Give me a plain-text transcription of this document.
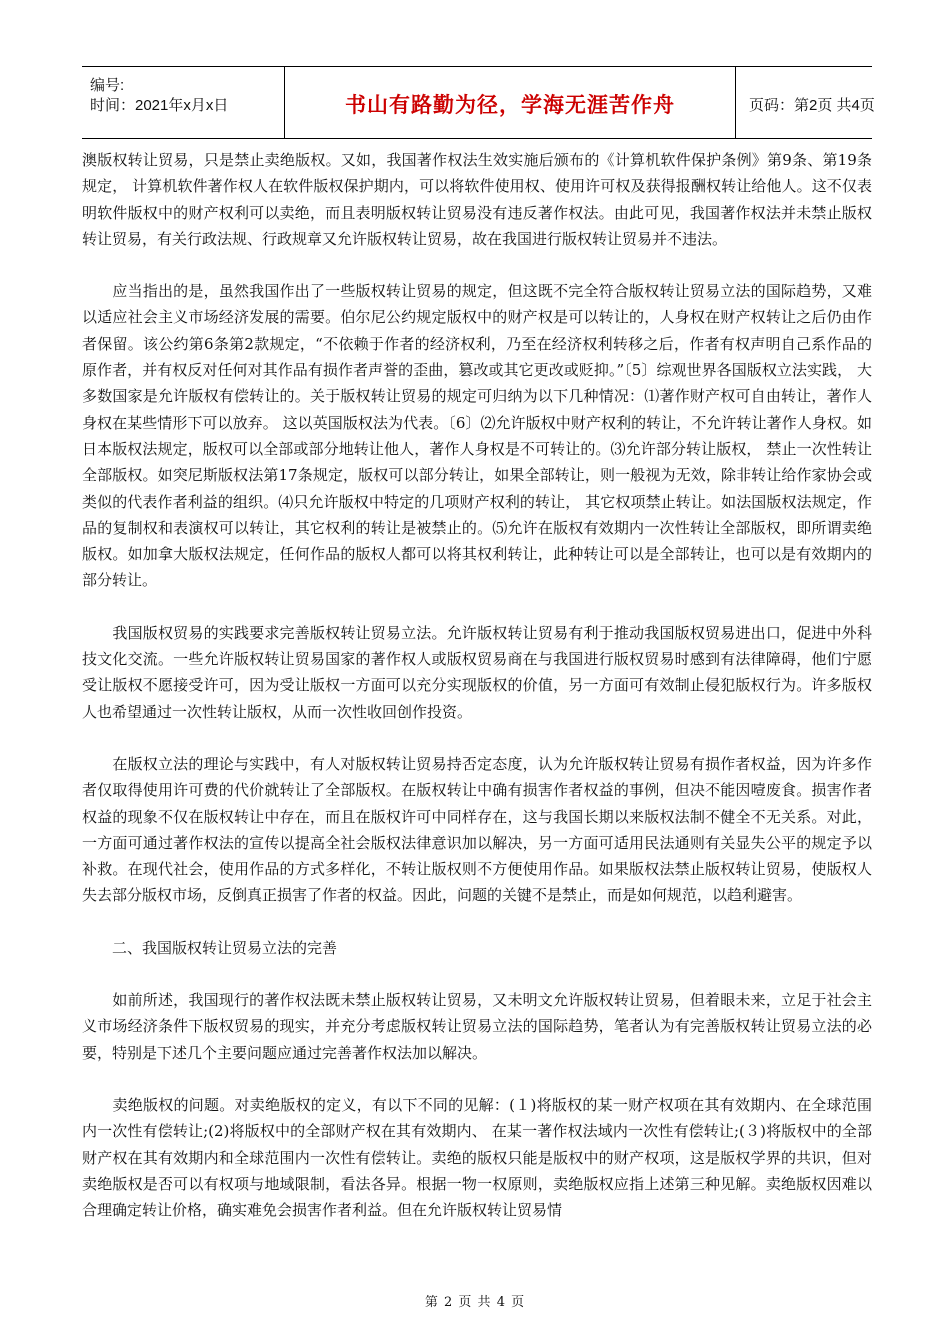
编号:
时间：2021年x月x日	书山有路勤为径，学海无涯苦作舟	页码：第2页 共4页

澳版权转让贸易，只是禁止卖绝版权。又如，我国著作权法生效实施后颁布的《计算机软件保护条例》第9条、第19条规定， 计算机软件著作权人在软件版权保护期内，可以将软件使用权、使用许可权及获得报酬权转让给他人。这不仅表明软件版权中的财产权利可以卖绝，而且表明版权转让贸易没有违反著作权法。由此可见，我国著作权法并未禁止版权转让贸易，有关行政法规、行政规章又允许版权转让贸易，故在我国进行版权转让贸易并不违法。

　　应当指出的是，虽然我国作出了一些版权转让贸易的规定，但这既不完全符合版权转让贸易立法的国际趋势，又难以适应社会主义市场经济发展的需要。伯尔尼公约规定版权中的财产权是可以转让的，人身权在财产权转让之后仍由作者保留。该公约第6条第2款规定，“不依赖于作者的经济权利，乃至在经济权利转移之后，作者有权声明自己系作品的原作者，并有权反对任何对其作品有损作者声誉的歪曲，篡改或其它更改或贬抑。”〔5〕综观世界各国版权立法实践， 大多数国家是允许版权有偿转让的。关于版权转让贸易的规定可归纳为以下几种情况：⑴著作财产权可自由转让，著作人身权在某些情形下可以放弃。 这以英国版权法为代表。〔6〕⑵允许版权中财产权利的转让，不允许转让著作人身权。如日本版权法规定，版权可以全部或部分地转让他人，著作人身权是不可转让的。⑶允许部分转让版权， 禁止一次性转让全部版权。如突尼斯版权法第17条规定，版权可以部分转让，如果全部转让，则一般视为无效，除非转让给作家协会或类似的代表作者利益的组织。⑷只允许版权中特定的几项财产权利的转让， 其它权项禁止转让。如法国版权法规定，作品的复制权和表演权可以转让，其它权利的转让是被禁止的。⑸允许在版权有效期内一次性转让全部版权，即所谓卖绝版权。如加拿大版权法规定，任何作品的版权人都可以将其权利转让，此种转让可以是全部转让，也可以是有效期内的部分转让。

　　我国版权贸易的实践要求完善版权转让贸易立法。允许版权转让贸易有利于推动我国版权贸易进出口，促进中外科技文化交流。一些允许版权转让贸易国家的著作权人或版权贸易商在与我国进行版权贸易时感到有法律障碍，他们宁愿受让版权不愿接受许可，因为受让版权一方面可以充分实现版权的价值，另一方面可有效制止侵犯版权行为。许多版权人也希望通过一次性转让版权，从而一次性收回创作投资。

　　在版权立法的理论与实践中，有人对版权转让贸易持否定态度，认为允许版权转让贸易有损作者权益，因为许多作者仅取得使用许可费的代价就转让了全部版权。在版权转让中确有损害作者权益的事例，但决不能因噎废食。损害作者权益的现象不仅在版权转让中存在，而且在版权许可中同样存在，这与我国长期以来版权法制不健全不无关系。对此，一方面可通过著作权法的宣传以提高全社会版权法律意识加以解决，另一方面可适用民法通则有关显失公平的规定予以补救。在现代社会，使用作品的方式多样化，不转让版权则不方便使用作品。如果版权法禁止版权转让贸易，使版权人失去部分版权市场，反倒真正损害了作者的权益。因此，问题的关键不是禁止，而是如何规范，以趋利避害。

　　二、我国版权转让贸易立法的完善

　　如前所述，我国现行的著作权法既未禁止版权转让贸易，又未明文允许版权转让贸易，但着眼未来，立足于社会主义市场经济条件下版权贸易的现实，并充分考虑版权转让贸易立法的国际趋势，笔者认为有完善版权转让贸易立法的必要，特别是下述几个主要问题应通过完善著作权法加以解决。

　　卖绝版权的问题。对卖绝版权的定义，有以下不同的见解：(１)将版权的某一财产权项在其有效期内、在全球范围内一次性有偿转让;(2)将版权中的全部财产权在其有效期内、 在某一著作权法域内一次性有偿转让;(３)将版权中的全部财产权在其有效期内和全球范围内一次性有偿转让。卖绝的版权只能是版权中的财产权项，这是版权学界的共识，但对卖绝版权是否可以有权项与地域限制，看法各异。根据一物一权原则，卖绝版权应指上述第三种见解。卖绝版权因难以合理确定转让价格，确实难免会损害作者利益。但在允许版权转让贸易情

第 2 页 共 4 页
